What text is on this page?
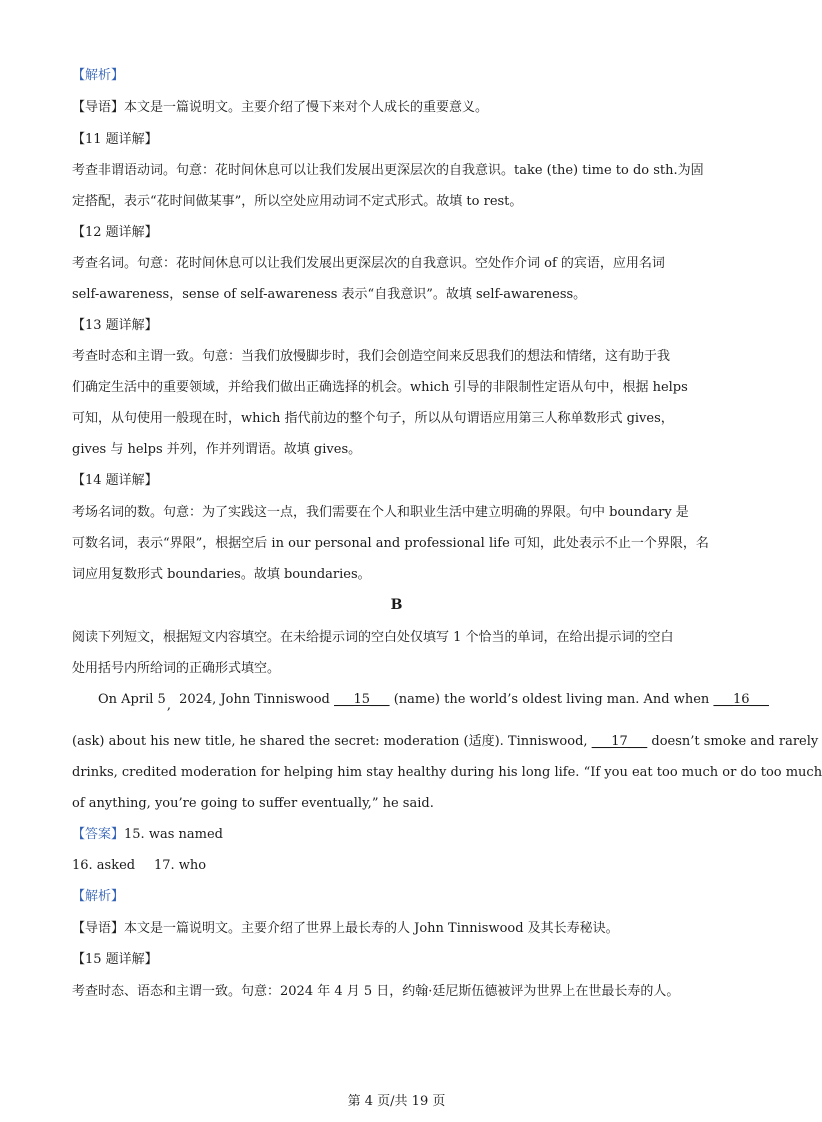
【解析】
【导语】本文是一篇说明文。主要介绍了慢下来对个人成长的重要意义。
【11 题详解】
考查非谓语动词。句意：花时间休息可以让我们发展出更深层次的自我意识。take (the) time to do sth.为固
定搭配，表示“花时间做某事”，所以空处应用动词不定式形式。故填 to rest。
【12 题详解】
考查名词。句意：花时间休息可以让我们发展出更深层次的自我意识。空处作介词 of 的宾语，应用名词
self-awareness，sense of self-awareness 表示“自我意识”。故填 self-awareness。
【13 题详解】
考查时态和主谓一致。句意：当我们放慢脚步时，我们会创造空间来反思我们的想法和情绪，这有助于我
们确定生活中的重要领域，并给我们做出正确选择的机会。which 引导的非限制性定语从句中，根据 helps
可知，从句使用一般现在时，which 指代前边的整个句子，所以从句谓语应用第三人称单数形式 gives，
gives 与 helps 并列，作并列谓语。故填 gives。
【14 题详解】
考场名词的数。句意：为了实践这一点，我们需要在个人和职业生活中建立明确的界限。句中 boundary 是
可数名词，表示“界限”，根据空后 in our personal and professional life 可知，此处表示不止一个界限，名
词应用复数形式 boundaries。故填 boundaries。
B
阅读下列短文，根据短文内容填空。在未给提示词的空白处仅填写 1 个恰当的单词，在给出提示词的空白
处用括号内所给词的正确形式填空。
On April 5, 2024, John Tinniswood ___15___ (name) the world’s oldest living man. And when ___16___
(ask) about his new title, he shared the secret: moderation (适度). Tinniswood, ___17___ doesn’t smoke and rarely
drinks, credited moderation for helping him stay healthy during his long life. “If you eat too much or do too much
of anything, you’re going to suffer eventually,” he said.
【答案】15. was named
16. asked 17. who
【解析】
【导语】本文是一篇说明文。主要介绍了世界上最长寿的人 John Tinniswood 及其长寿秘诀。
【15 题详解】
考查时态、语态和主谓一致。句意：2024 年 4 月 5 日，约翰·廷尼斯伍德被评为世界上在世最长寿的人。
第 4 页/共 19 页
